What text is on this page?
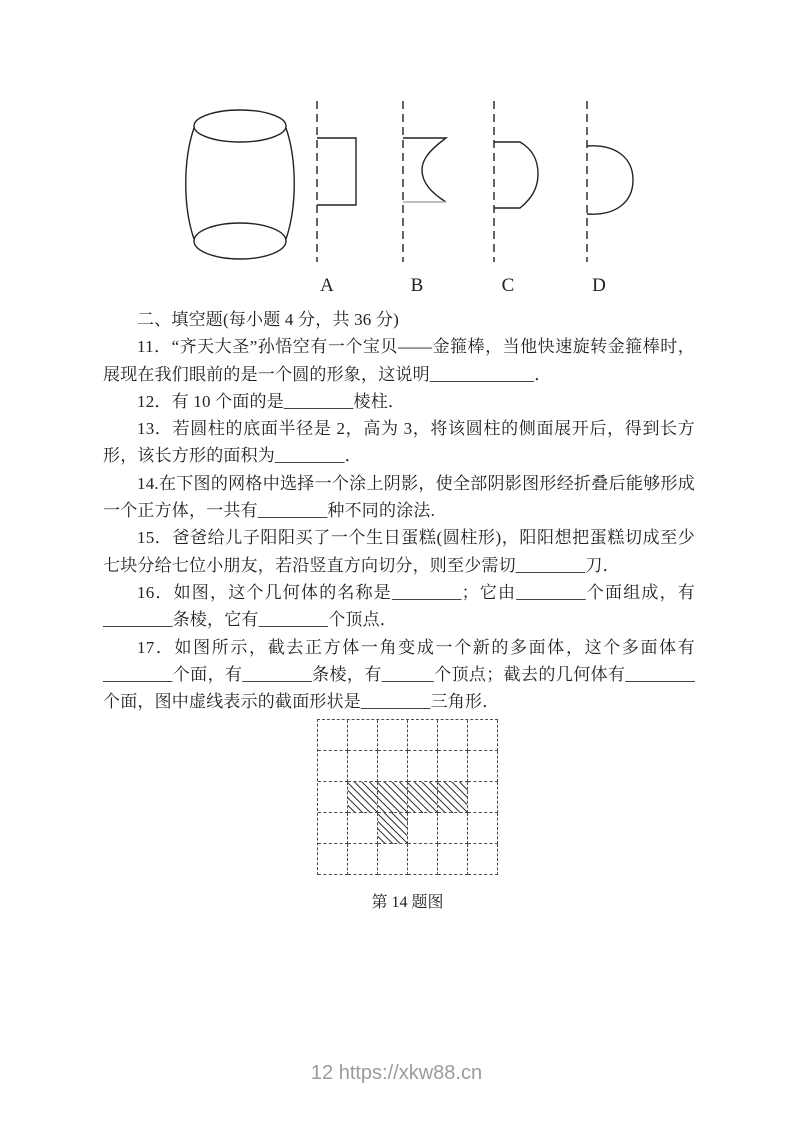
A	B	C	D

二、填空题(每小题 4 分，共 36 分)

11．“齐天大圣”孙悟空有一个宝贝——金箍棒，当他快速旋转金箍棒时，展现在我们眼前的是一个圆的形象，这说明____________．

12．有 10 个面的是________棱柱．

13．若圆柱的底面半径是 2，高为 3，将该圆柱的侧面展开后，得到长方形，该长方形的面积为________．

14.在下图的网格中选择一个涂上阴影，使全部阴影图形经折叠后能够形成一个正方体，一共有________种不同的涂法.

15．爸爸给儿子阳阳买了一个生日蛋糕(圆柱形)，阳阳想把蛋糕切成至少七块分给七位小朋友，若沿竖直方向切分，则至少需切________刀．

16．如图，这个几何体的名称是________；它由________个面组成，有________条棱，它有________个顶点．

17．如图所示，截去正方体一角变成一个新的多面体，这个多面体有________个面，有________条棱，有______个顶点；截去的几何体有________个面，图中虚线表示的截面形状是________三角形．

第 14 题图
12 https://xkw88.cn
